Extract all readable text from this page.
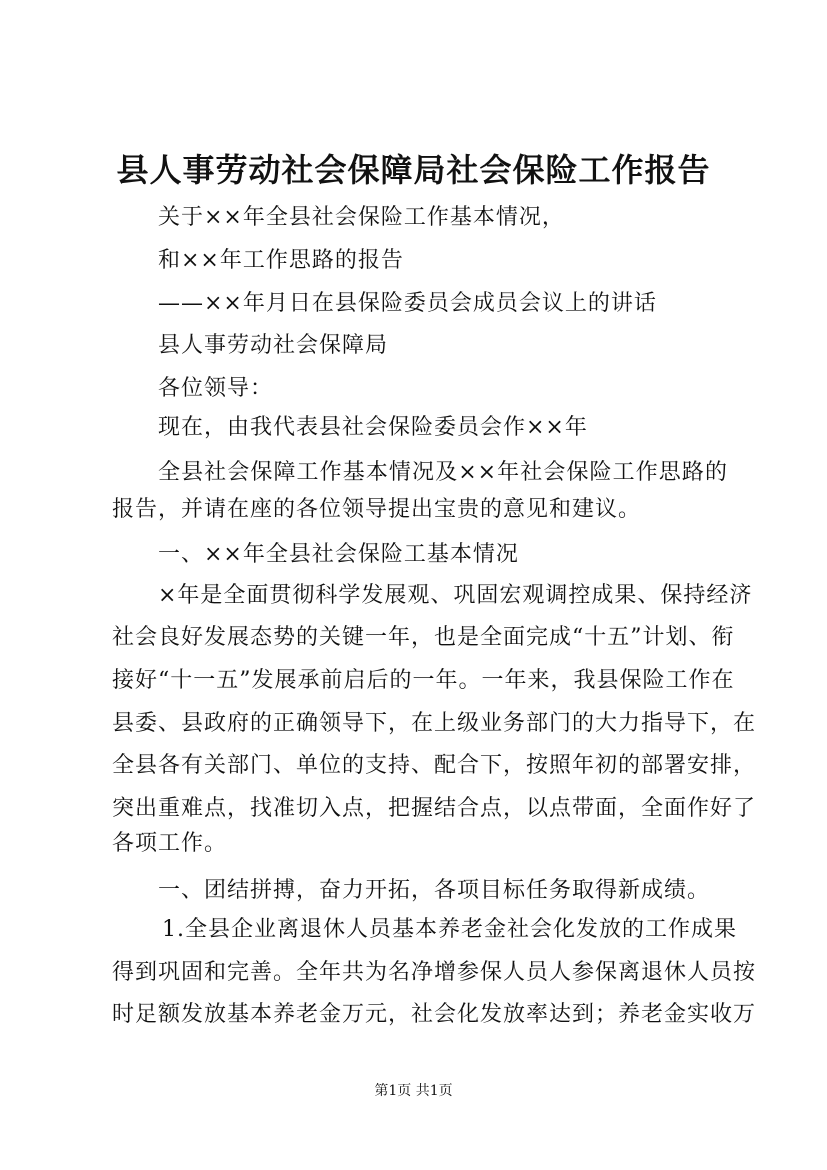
县人事劳动社会保障局社会保险工作报告
关于××年全县社会保险工作基本情况，
和××年工作思路的报告
——××年月日在县保险委员会成员会议上的讲话
县人事劳动社会保障局
各位领导：
现在，由我代表县社会保险委员会作××年
全县社会保障工作基本情况及××年社会保险工作思路的
报告，并请在座的各位领导提出宝贵的意见和建议。
一、××年全县社会保险工基本情况
×年是全面贯彻科学发展观、巩固宏观调控成果、保持经济
社会良好发展态势的关键一年，也是全面完成“十五”计划、衔
接好“十一五”发展承前启后的一年。一年来，我县保险工作在
县委、县政府的正确领导下，在上级业务部门的大力指导下，在
全县各有关部门、单位的支持、配合下，按照年初的部署安排，
突出重难点，找准切入点，把握结合点，以点带面，全面作好了
各项工作。
一、团结拼搏，奋力开拓，各项目标任务取得新成绩。
1.全县企业离退休人员基本养老金社会化发放的工作成果
得到巩固和完善。全年共为名净增参保人员人参保离退休人员按
时足额发放基本养老金万元，社会化发放率达到；养老金实收万
第1页 共1页
